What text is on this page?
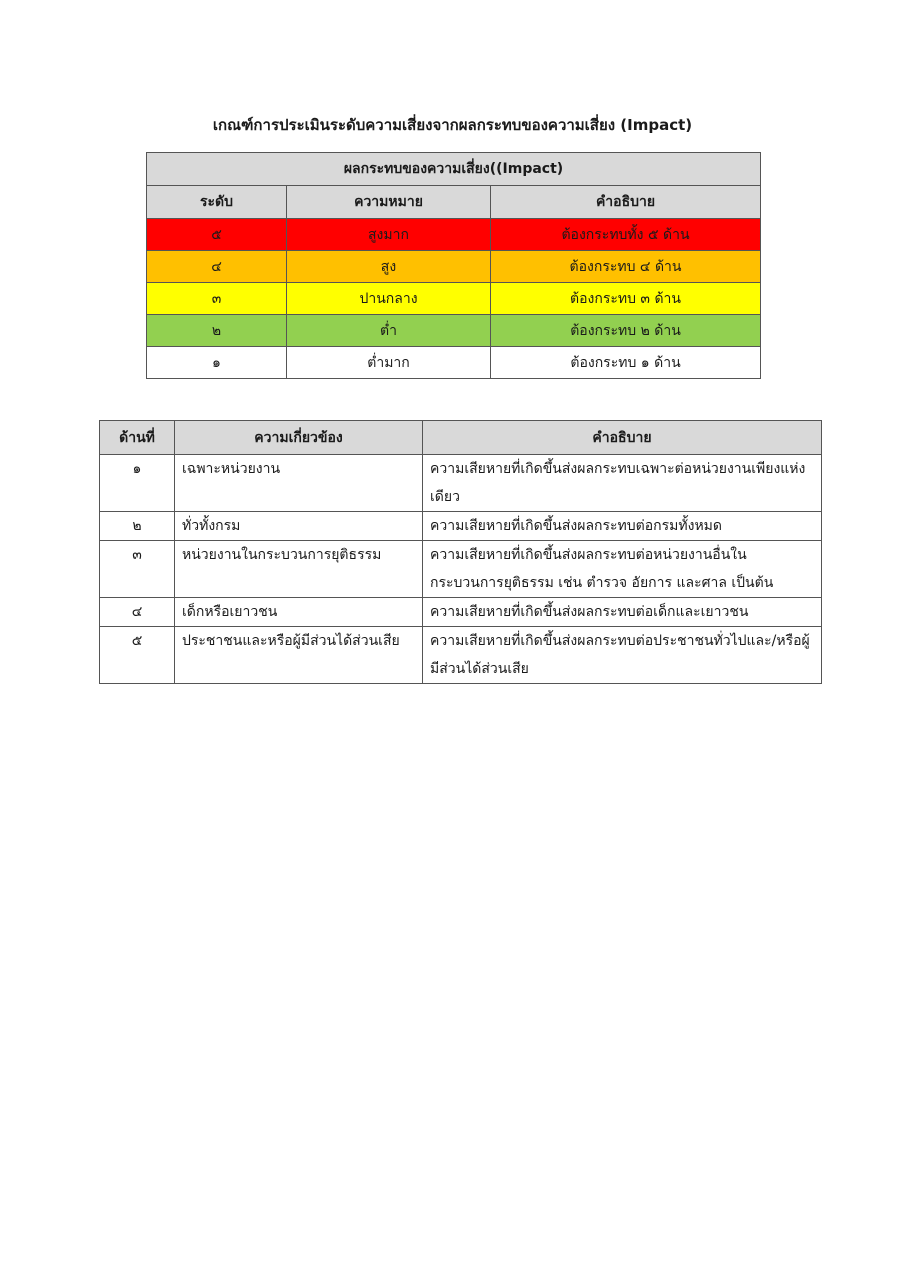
เกณฑ์การประเมินระดับความเสี่ยงจากผลกระทบของความเสี่ยง (Impact)
ผลกระทบของความเสี่ยง((Impact)		
ระดับ	ความหมาย	คำอธิบาย
๕	สูงมาก	ต้องกระทบทั้ง ๕ ด้าน
๔	สูง	ต้องกระทบ ๔ ด้าน
๓	ปานกลาง	ต้องกระทบ ๓ ด้าน
๒	ต่ำ	ต้องกระทบ ๒ ด้าน
๑	ต่ำมาก	ต้องกระทบ ๑ ด้าน
ด้านที่	ความเกี่ยวข้อง	คำอธิบาย
๑	เฉพาะหน่วยงาน	ความเสียหายที่เกิดขึ้นส่งผลกระทบเฉพาะต่อหน่วยงานเพียงแห่งเดียว
๒	ทั่วทั้งกรม	ความเสียหายที่เกิดขึ้นส่งผลกระทบต่อกรมทั้งหมด
๓	หน่วยงานในกระบวนการยุติธรรม	ความเสียหายที่เกิดขึ้นส่งผลกระทบต่อหน่วยงานอื่นในกระบวนการยุติธรรม เช่น ตำรวจ อัยการ และศาล เป็นต้น
๔	เด็กหรือเยาวชน	ความเสียหายที่เกิดขึ้นส่งผลกระทบต่อเด็กและเยาวชน
๕	ประชาชนและหรือผู้มีส่วนได้ส่วนเสีย	ความเสียหายที่เกิดขึ้นส่งผลกระทบต่อประชาชนทั่วไปและ/หรือผู้มีส่วนได้ส่วนเสีย
